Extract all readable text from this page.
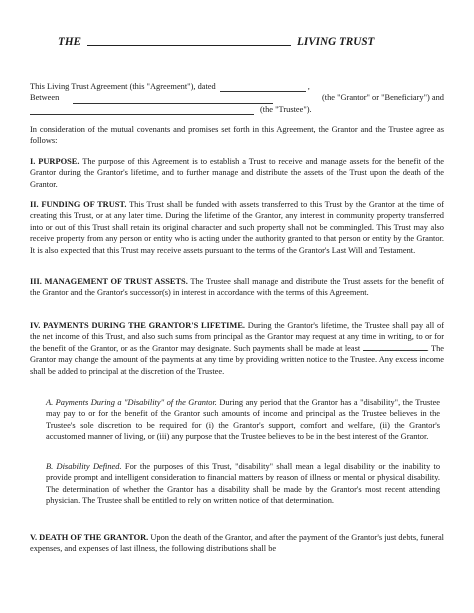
THE	LIVING TRUST
This Living Trust Agreement (this "Agreement"), dated	,
Between	(the "Grantor" or "Beneficiary") and
(the "Trustee").
In consideration of the mutual covenants and promises set forth in this Agreement, the Grantor and the Trustee agree as follows:
I. PURPOSE. The purpose of this Agreement is to establish a Trust to receive and manage assets for the benefit of the Grantor during the Grantor's lifetime, and to further manage and distribute the assets of the Trust upon the death of the Grantor.
II. FUNDING OF TRUST. This Trust shall be funded with assets transferred to this Trust by the Grantor at the time of creating this Trust, or at any later time. During the lifetime of the Grantor, any interest in community property transferred into or out of this Trust shall retain its original character and such property shall not be commingled. This Trust may also receive property from any person or entity who is acting under the authority granted to that person or entity by the Grantor. It is also expected that this Trust may receive assets pursuant to the terms of the Grantor's Last Will and Testament.
III. MANAGEMENT OF TRUST ASSETS. The Trustee shall manage and distribute the Trust assets for the benefit of the Grantor and the Grantor's successor(s) in interest in accordance with the terms of this Agreement.
IV. PAYMENTS DURING THE GRANTOR'S LIFETIME. During the Grantor's lifetime, the Trustee shall pay all of the net income of this Trust, and also such sums from principal as the Grantor may request at any time in writing, to or for the benefit of the Grantor, or as the Grantor may designate. Such payments shall be made at least	. The Grantor may change the amount of the payments at any time by providing written notice to the Trustee. Any excess income shall be added to principal at the discretion of the Trustee.
A. Payments During a "Disability" of the Grantor. During any period that the Grantor has a "disability", the Trustee may pay to or for the benefit of the Grantor such amounts of income and principal as the Trustee believes in the Trustee's sole discretion to be required for (i) the Grantor's support, comfort and welfare, (ii) the Grantor's accustomed manner of living, or (iii) any purpose that the Trustee believes to be in the best interest of the Grantor.
B. Disability Defined. For the purposes of this Trust, "disability" shall mean a legal disability or the inability to provide prompt and intelligent consideration to financial matters by reason of illness or mental or physical disability. The determination of whether the Grantor has a disability shall be made by the Grantor's most recent attending physician. The Trustee shall be entitled to rely on written notice of that determination.
V. DEATH OF THE GRANTOR. Upon the death of the Grantor, and after the payment of the Grantor's just debts, funeral expenses, and expenses of last illness, the following distributions shall be
